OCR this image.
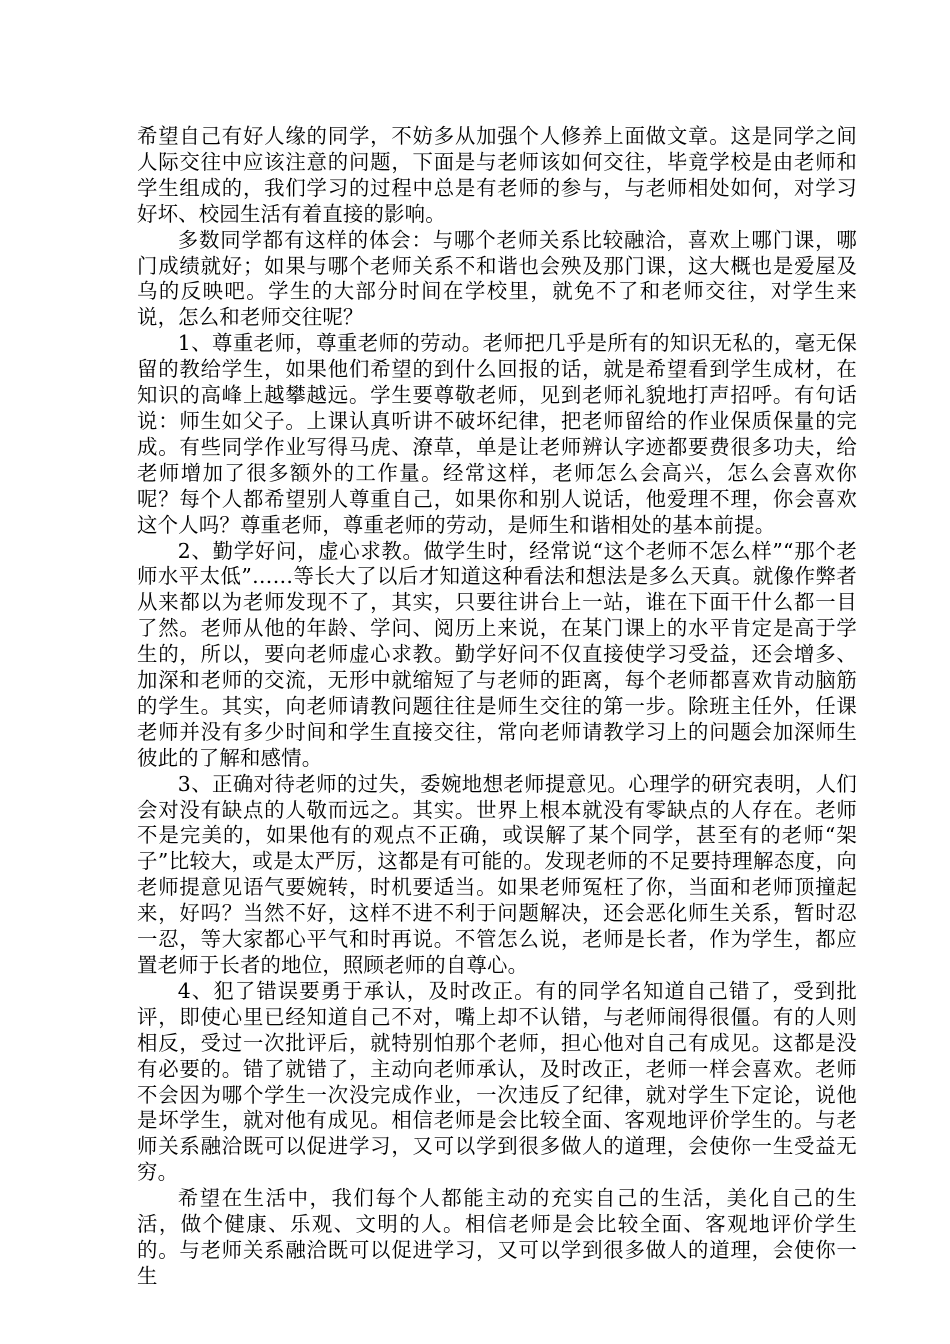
希望自己有好人缘的同学，不妨多从加强个人修养上面做文章。这是同学之间人际交往中应该注意的问题，下面是与老师该如何交往，毕竟学校是由老师和学生组成的，我们学习的过程中总是有老师的参与，与老师相处如何，对学习好坏、校园生活有着直接的影响。

多数同学都有这样的体会：与哪个老师关系比较融洽，喜欢上哪门课，哪门成绩就好；如果与哪个老师关系不和谐也会殃及那门课，这大概也是爱屋及乌的反映吧。学生的大部分时间在学校里，就免不了和老师交往，对学生来说，怎么和老师交往呢？

1、尊重老师，尊重老师的劳动。老师把几乎是所有的知识无私的，毫无保留的教给学生，如果他们希望的到什么回报的话，就是希望看到学生成材，在知识的高峰上越攀越远。学生要尊敬老师，见到老师礼貌地打声招呼。有句话说：师生如父子。上课认真听讲不破坏纪律，把老师留给的作业保质保量的完成。有些同学作业写得马虎、潦草，单是让老师辨认字迹都要费很多功夫，给老师增加了很多额外的工作量。经常这样，老师怎么会高兴，怎么会喜欢你呢？每个人都希望别人尊重自己，如果你和别人说话，他爱理不理，你会喜欢这个人吗？尊重老师，尊重老师的劳动，是师生和谐相处的基本前提。

2、勤学好问，虚心求教。做学生时，经常说“这个老师不怎么样”“那个老师水平太低”……等长大了以后才知道这种看法和想法是多么天真。就像作弊者从来都以为老师发现不了，其实，只要往讲台上一站，谁在下面干什么都一目了然。老师从他的年龄、学问、阅历上来说，在某门课上的水平肯定是高于学生的，所以，要向老师虚心求教。勤学好问不仅直接使学习受益，还会增多、加深和老师的交流，无形中就缩短了与老师的距离，每个老师都喜欢肯动脑筋的学生。其实，向老师请教问题往往是师生交往的第一步。除班主任外，任课老师并没有多少时间和学生直接交往，常向老师请教学习上的问题会加深师生彼此的了解和感情。

3、正确对待老师的过失，委婉地想老师提意见。心理学的研究表明，人们会对没有缺点的人敬而远之。其实。世界上根本就没有零缺点的人存在。老师不是完美的，如果他有的观点不正确，或误解了某个同学，甚至有的老师“架子”比较大，或是太严厉，这都是有可能的。发现老师的不足要持理解态度，向老师提意见语气要婉转，时机要适当。如果老师冤枉了你，当面和老师顶撞起来，好吗？当然不好，这样不进不利于问题解决，还会恶化师生关系，暂时忍一忍，等大家都心平气和时再说。不管怎么说，老师是长者，作为学生，都应置老师于长者的地位，照顾老师的自尊心。

4、犯了错误要勇于承认，及时改正。有的同学名知道自己错了，受到批评，即使心里已经知道自己不对，嘴上却不认错，与老师闹得很僵。有的人则相反，受过一次批评后，就特别怕那个老师，担心他对自己有成见。这都是没有必要的。错了就错了，主动向老师承认，及时改正，老师一样会喜欢。老师不会因为哪个学生一次没完成作业，一次违反了纪律，就对学生下定论，说他是坏学生，就对他有成见。相信老师是会比较全面、客观地评价学生的。与老师关系融洽既可以促进学习，又可以学到很多做人的道理，会使你一生受益无穷。

希望在生活中，我们每个人都能主动的充实自己的生活，美化自己的生活，做个健康、乐观、文明的人。相信老师是会比较全面、客观地评价学生的。与老师关系融洽既可以促进学习，又可以学到很多做人的道理，会使你一生
